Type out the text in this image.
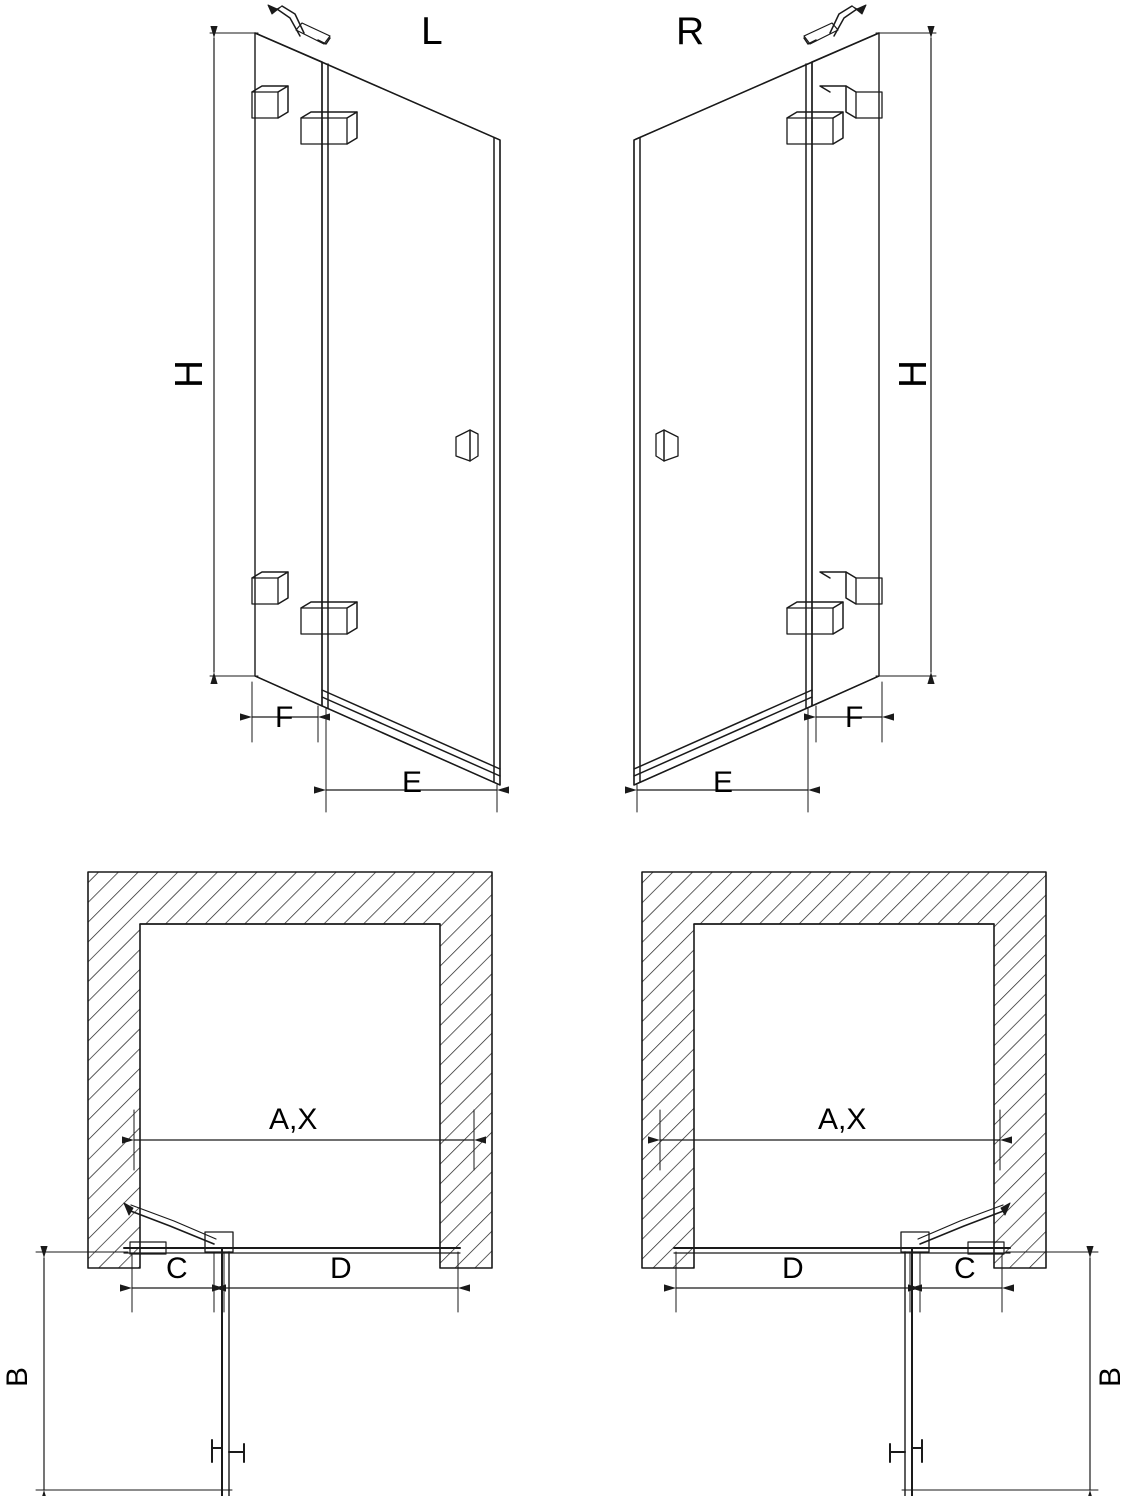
L	R
H	H
F
E
F
E
A,X	A,X
C	D	D	C
B	B
